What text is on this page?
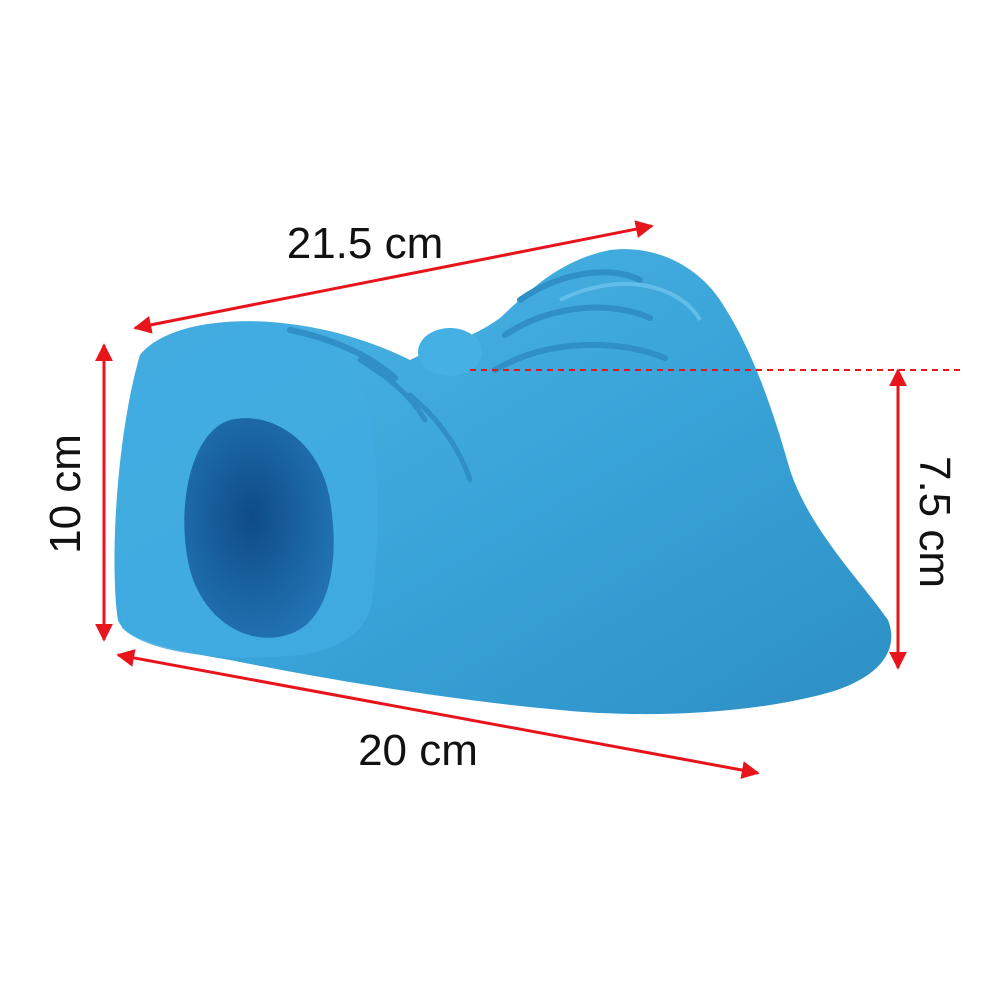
21.5 cm
20 cm
10 cm	7.5 cm
